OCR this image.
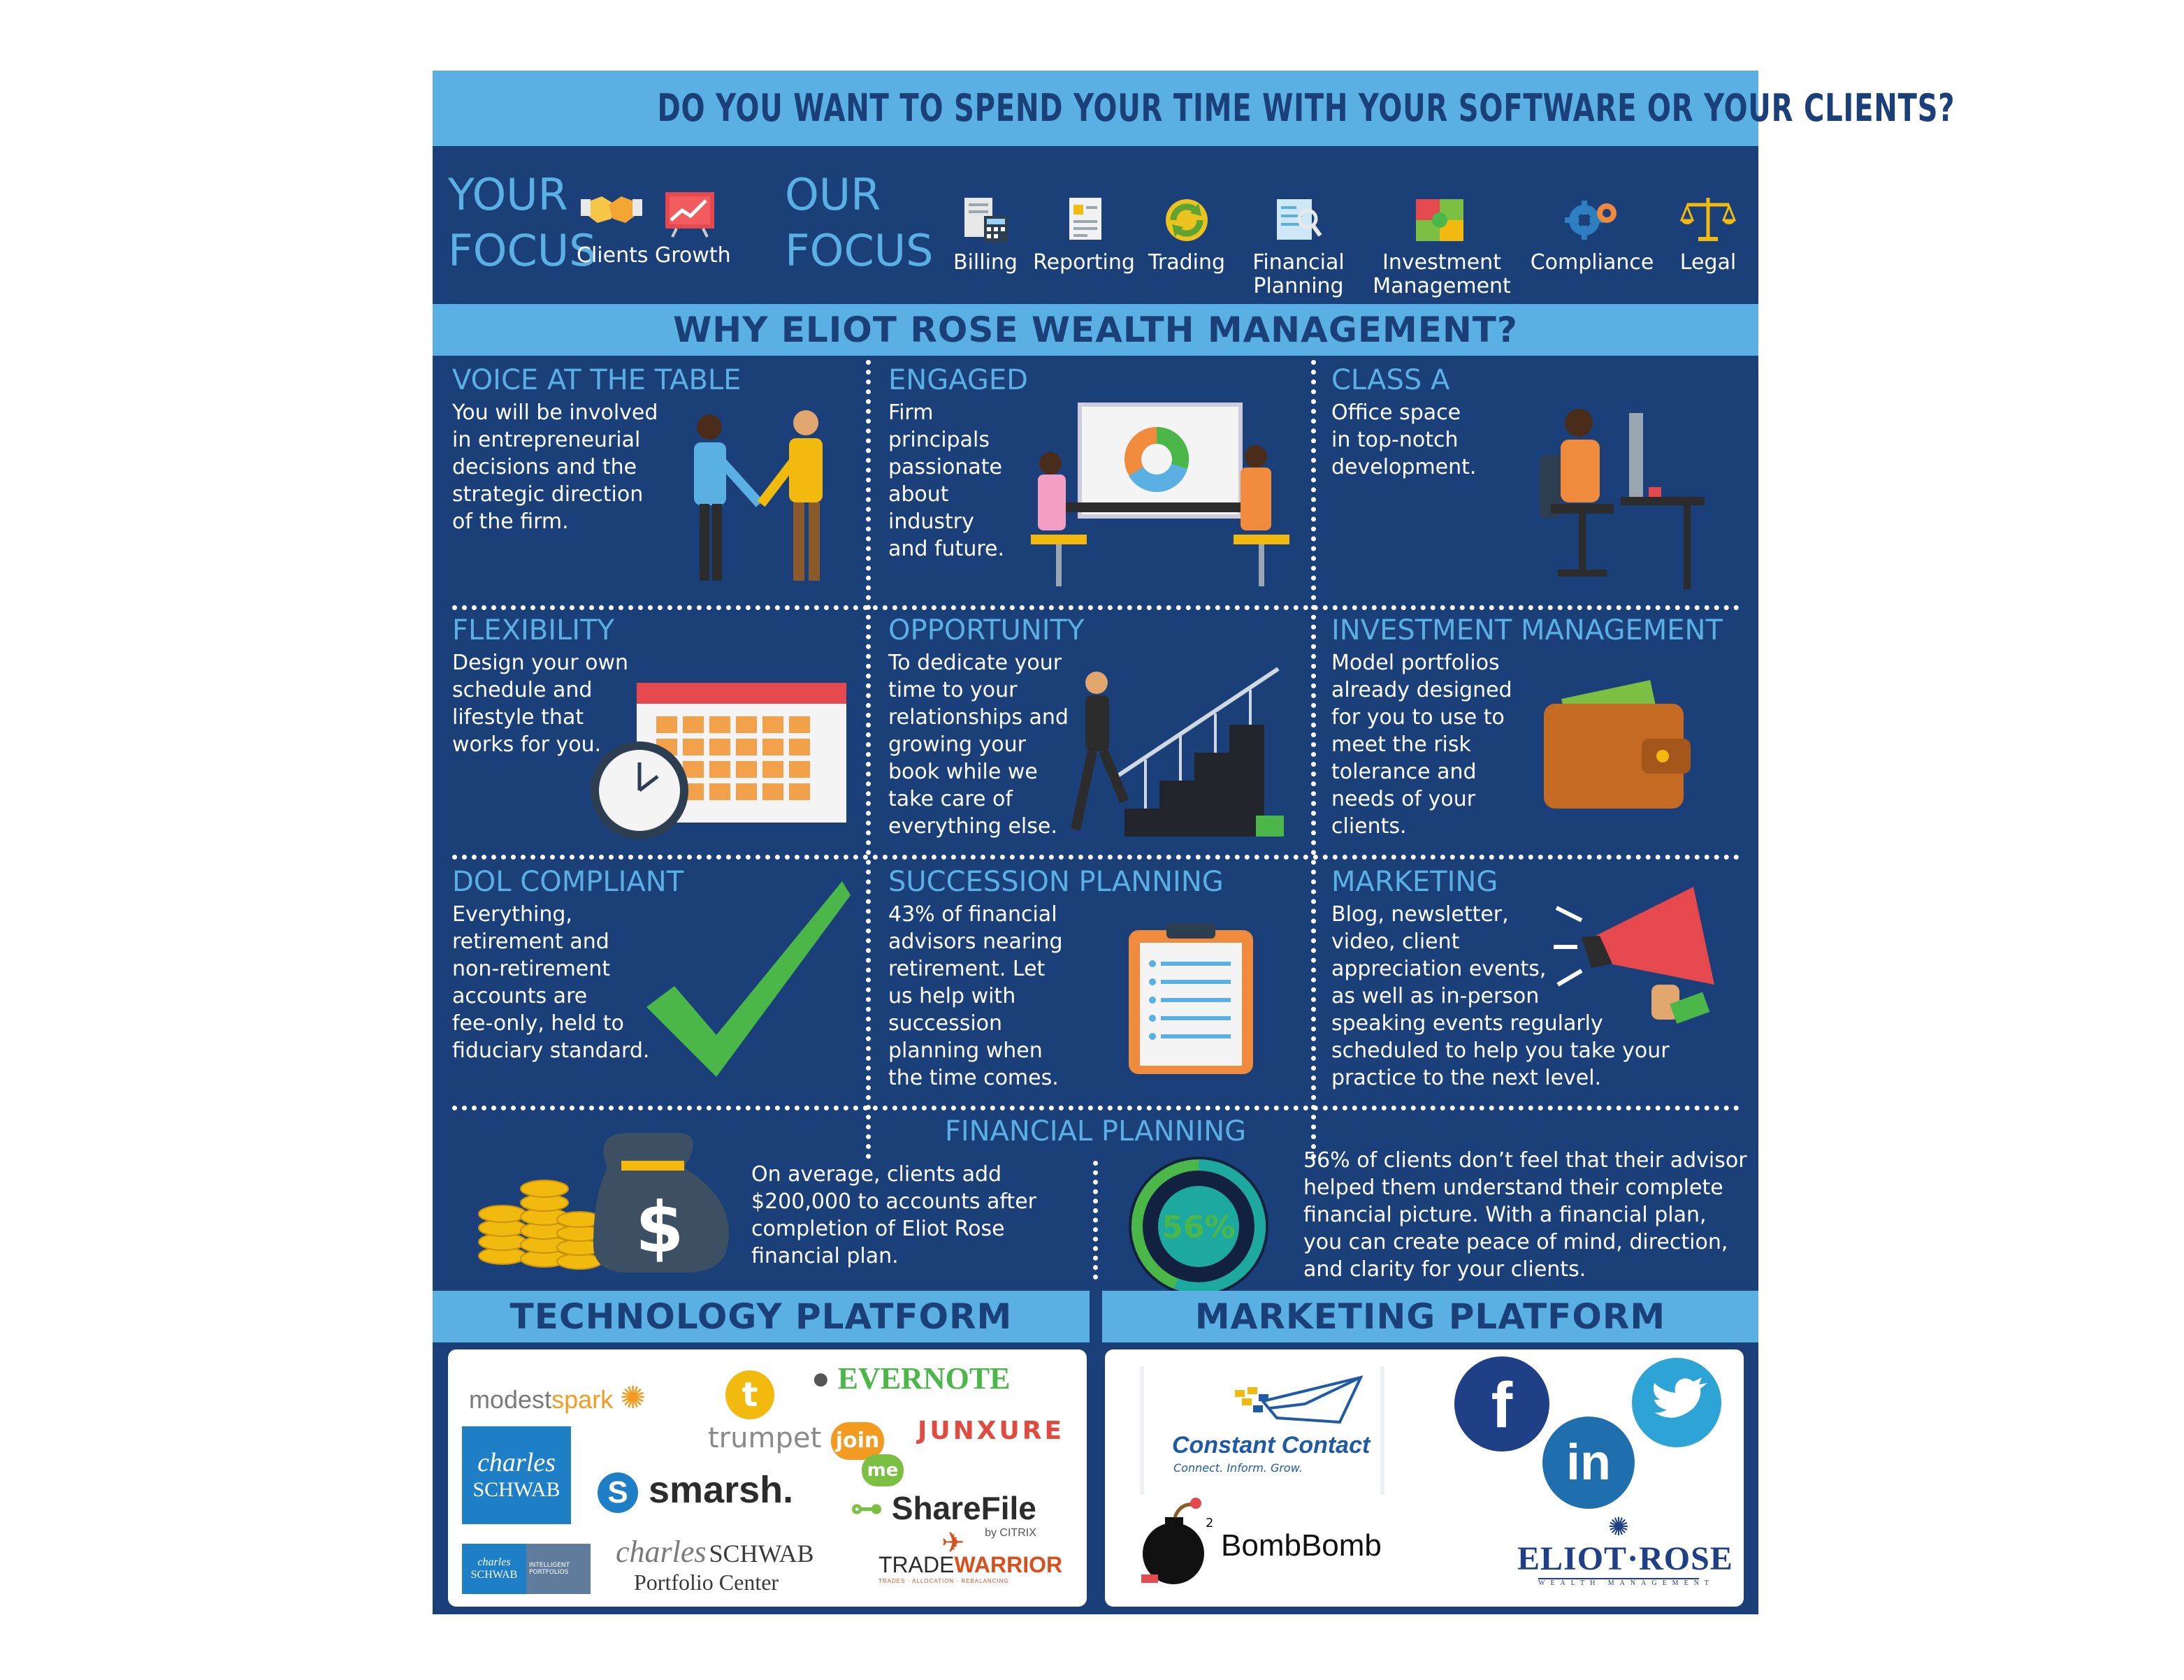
DO YOU WANT TO SPEND YOUR TIME WITH YOUR SOFTWARE OR YOUR CLIENTS?
YOUR
FOCUS
Clients Growth
OUR
FOCUS Billing Reporting Trading	Financial
Planning
Investment
Management
Compliance	Legal
WHY ELIOT ROSE WEALTH MANAGEMENT?
VOICE AT THE TABLE
You will be involved
in entrepreneurial
decisions and the
strategic direction
of the firm.
ENGAGED
Firm
principals
passionate
about
industry
and future.
CLASS A
Office space
in top-notch
development.
FLEXIBILITY
Design your own
schedule and
lifestyle that
works for you.
OPPORTUNITY
To dedicate your
time to your
relationships and
growing your
book while we
take care of
everything else.
INVESTMENT MANAGEMENT
Model portfolios
already designed
for you to use to
meet the risk
tolerance and
needs of your
clients.
DOL COMPLIANT
Everything,
retirement and
non-retirement
accounts are
fee-only, held to
fiduciary standard.
SUCCESSION PLANNING
43% of financial
advisors nearing
retirement. Let
us help with
succession
planning when
the time comes.
MARKETING
Blog, newsletter,
video, client
appreciation events,
as well as in-person
speaking events regularly
scheduled to help you take your
practice to the next level.
FINANCIAL PLANNING
$
On average, clients add
$200,000 to accounts after
completion of Eliot Rose
financial plan.
56%
56% of clients don’t feel that their advisor
helped them understand their complete
financial picture. With a financial plan,
you can create peace of mind, direction,
and clarity for your clients.
TECHNOLOGY PLATFORM	MARKETING PLATFORM
modestspark ✺	t
trumpet
● EVERNOTE
charles
SCHWAB
JUNXURE
join
me
S smarsh. ⊶ ShareFile
by CITRIX
charles
SCHWAB
INTELLIGENT PORTFOLIOS
charles SCHWAB
Portfolio Center
✈
TRADEWARRIOR
TRADES · ALLOCATION · REBALANCING
Constant Contact
Connect. Inform. Grow.
f
in
2
BombBomb
✺
ELIOT·ROSE
WEALTH MANAGEMENT
